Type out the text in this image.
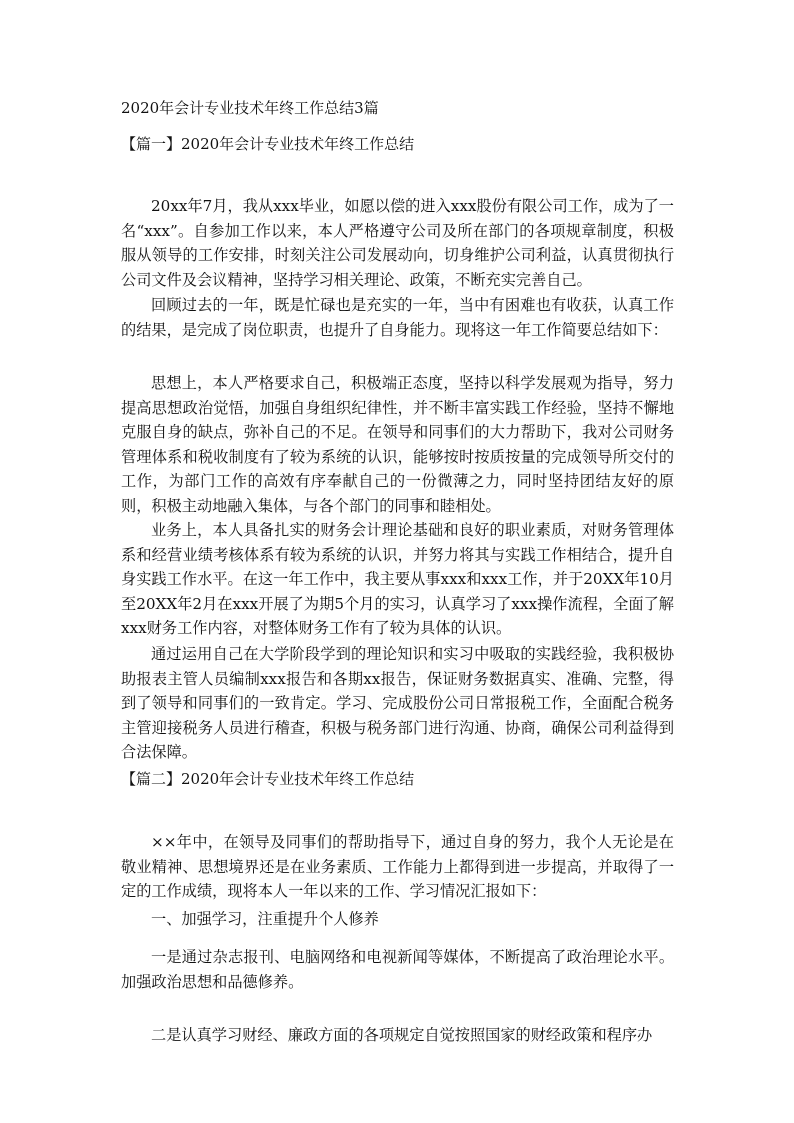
2020年会计专业技术年终工作总结3篇
【篇一】2020年会计专业技术年终工作总结

20xx年7月，我从xxx毕业，如愿以偿的进入xxx股份有限公司工作，成为了一名“xxx”。自参加工作以来，本人严格遵守公司及所在部门的各项规章制度，积极服从领导的工作安排，时刻关注公司发展动向，切身维护公司利益，认真贯彻执行公司文件及会议精神，坚持学习相关理论、政策，不断充实完善自己。

回顾过去的一年，既是忙碌也是充实的一年，当中有困难也有收获，认真工作的结果，是完成了岗位职责，也提升了自身能力。现将这一年工作简要总结如下：

思想上，本人严格要求自己，积极端正态度，坚持以科学发展观为指导，努力提高思想政治觉悟，加强自身组织纪律性，并不断丰富实践工作经验，坚持不懈地克服自身的缺点，弥补自己的不足。在领导和同事们的大力帮助下，我对公司财务管理体系和税收制度有了较为系统的认识，能够按时按质按量的完成领导所交付的工作，为部门工作的高效有序奉献自己的一份微薄之力，同时坚持团结友好的原则，积极主动地融入集体，与各个部门的同事和睦相处。

业务上，本人具备扎实的财务会计理论基础和良好的职业素质，对财务管理体系和经营业绩考核体系有较为系统的认识，并努力将其与实践工作相结合，提升自身实践工作水平。在这一年工作中，我主要从事xxx和xxx工作，并于20XX年10月至20XX年2月在xxx开展了为期5个月的实习，认真学习了xxx操作流程，全面了解xxx财务工作内容，对整体财务工作有了较为具体的认识。

通过运用自己在大学阶段学到的理论知识和实习中吸取的实践经验，我积极协助报表主管人员编制xxx报告和各期xx报告，保证财务数据真实、准确、完整，得到了领导和同事们的一致肯定。学习、完成股份公司日常报税工作，全面配合税务主管迎接税务人员进行稽查，积极与税务部门进行沟通、协商，确保公司利益得到合法保障。

【篇二】2020年会计专业技术年终工作总结

××年中，在领导及同事们的帮助指导下，通过自身的努力，我个人无论是在敬业精神、思想境界还是在业务素质、工作能力上都得到进一步提高，并取得了一定的工作成绩，现将本人一年以来的工作、学习情况汇报如下：

一、加强学习，注重提升个人修养

一是通过杂志报刊、电脑网络和电视新闻等媒体，不断提高了政治理论水平。加强政治思想和品德修养。

二是认真学习财经、廉政方面的各项规定自觉按照国家的财经政策和程序办
